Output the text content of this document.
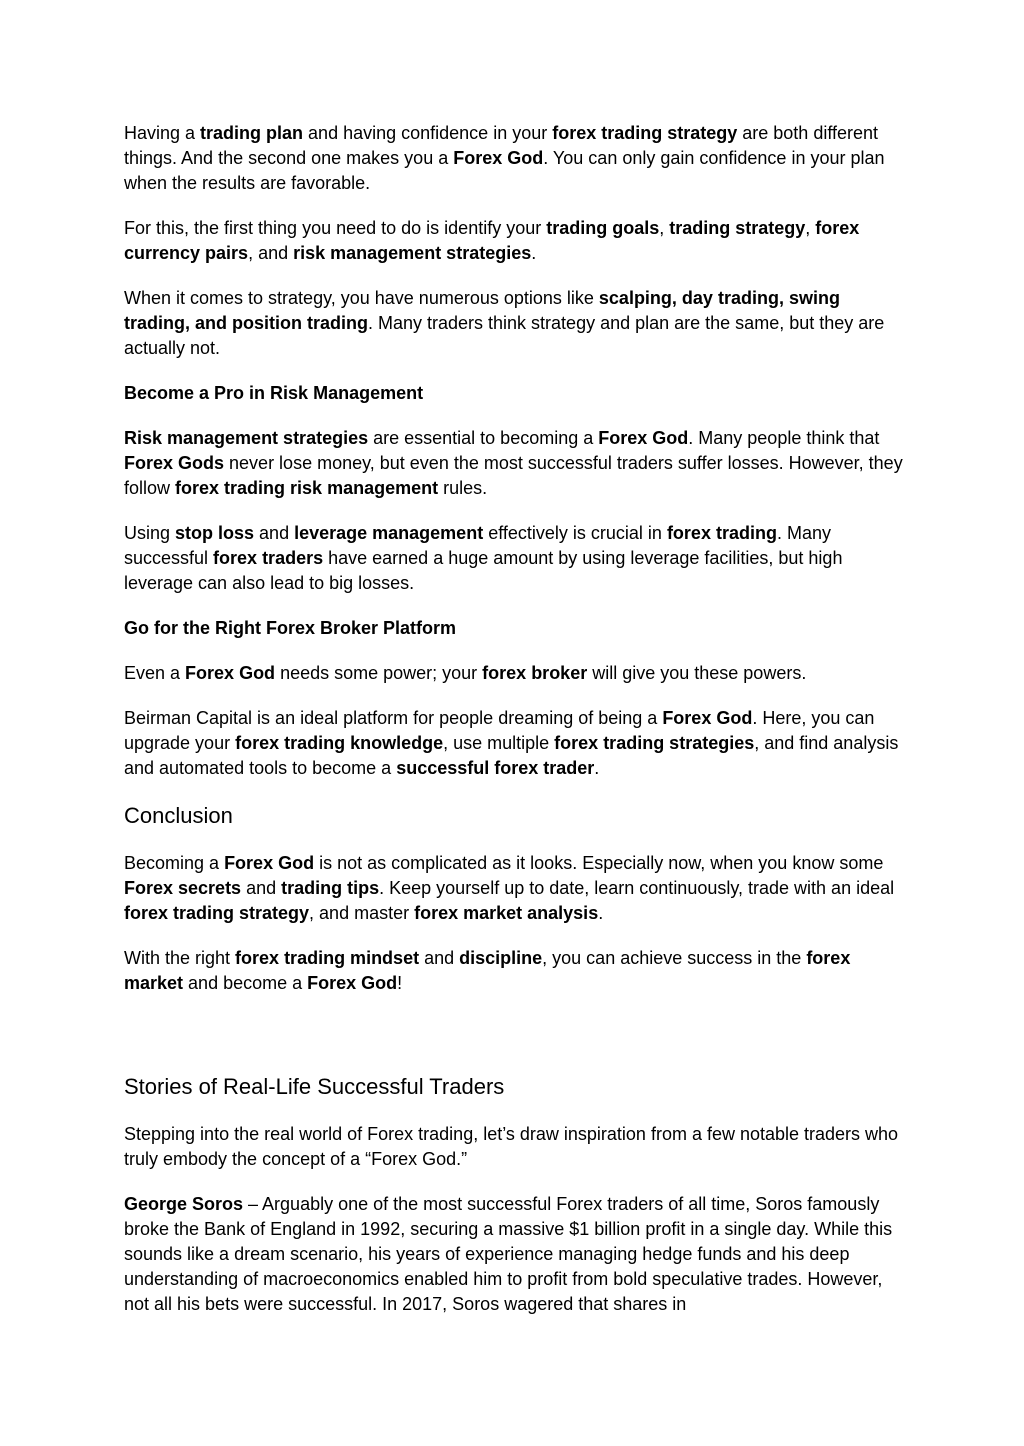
Having a trading plan and having confidence in your forex trading strategy are both different things. And the second one makes you a Forex God. You can only gain confidence in your plan when the results are favorable.

For this, the first thing you need to do is identify your trading goals, trading strategy, forex currency pairs, and risk management strategies.

When it comes to strategy, you have numerous options like scalping, day trading, swing trading, and position trading. Many traders think strategy and plan are the same, but they are actually not.

Become a Pro in Risk Management

Risk management strategies are essential to becoming a Forex God. Many people think that Forex Gods never lose money, but even the most successful traders suffer losses. However, they follow forex trading risk management rules.

Using stop loss and leverage management effectively is crucial in forex trading. Many successful forex traders have earned a huge amount by using leverage facilities, but high leverage can also lead to big losses.

Go for the Right Forex Broker Platform

Even a Forex God needs some power; your forex broker will give you these powers.

Beirman Capital is an ideal platform for people dreaming of being a Forex God. Here, you can upgrade your forex trading knowledge, use multiple forex trading strategies, and find analysis and automated tools to become a successful forex trader.

Conclusion

Becoming a Forex God is not as complicated as it looks. Especially now, when you know some Forex secrets and trading tips. Keep yourself up to date, learn continuously, trade with an ideal forex trading strategy, and master forex market analysis.

With the right forex trading mindset and discipline, you can achieve success in the forex market and become a Forex God!

Stories of Real-Life Successful Traders

Stepping into the real world of Forex trading, let’s draw inspiration from a few notable traders who truly embody the concept of a “Forex God.”

George Soros – Arguably one of the most successful Forex traders of all time, Soros famously broke the Bank of England in 1992, securing a massive $1 billion profit in a single day. While this sounds like a dream scenario, his years of experience managing hedge funds and his deep understanding of macroeconomics enabled him to profit from bold speculative trades. However, not all his bets were successful. In 2017, Soros wagered that shares in
